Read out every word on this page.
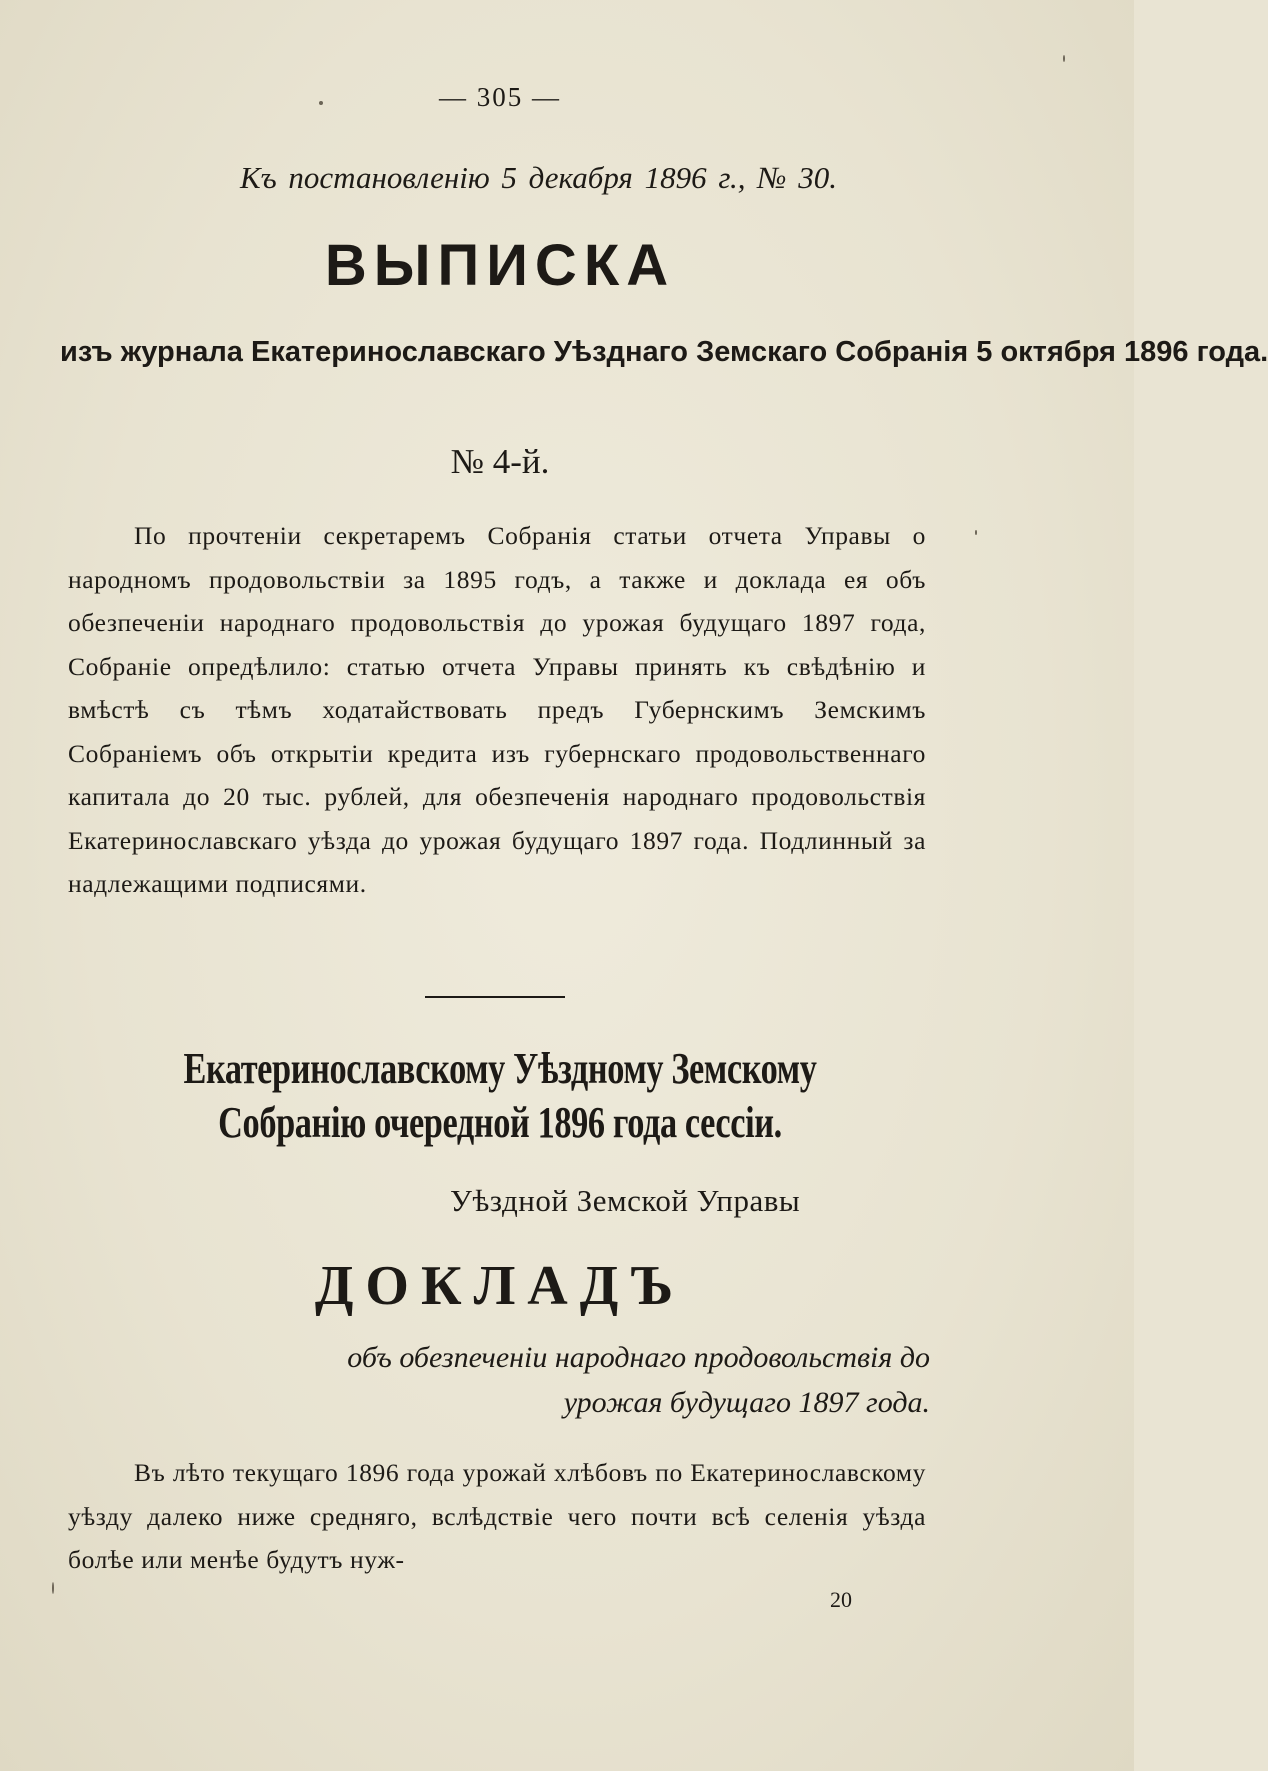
— 305 —
Къ постановленію 5 декабря 1896 г., № 30.
ВЫПИСКА
изъ журнала Екатеринославскаго Уѣзднаго Земскаго Собранія 5 октября 1896 года.
№ 4-й.
По прочтеніи секретаремъ Собранія статьи отчета Управы о народномъ продовольствіи за 1895 годъ, а также и доклада ея объ обезпеченіи народнаго продовольствія до урожая будущаго 1897 года, Собраніе опредѣлило: статью отчета Управы принять къ свѣдѣнію и вмѣстѣ съ тѣмъ ходатайствовать предъ Губернскимъ Земскимъ Собраніемъ объ открытіи кредита изъ губернскаго продовольственнаго капитала до 20 тыс. рублей, для обезпеченія народнаго продовольствія Екатеринославскаго уѣзда до урожая будущаго 1897 года. Подлинный за надлежащими подписями.
Екатеринославскому Уѣздному Земскому Собранію очередной 1896 года сессіи.
Уѣздной Земской Управы
ДОКЛАДЪ
объ обезпеченіи народнаго продовольствія до урожая будущаго 1897 года.
Въ лѣто текущаго 1896 года урожай хлѣбовъ по Екатеринославскому уѣзду далеко ниже средняго, вслѣдствіе чего почти всѣ селенія уѣзда болѣе или менѣе будутъ нуж-
20
